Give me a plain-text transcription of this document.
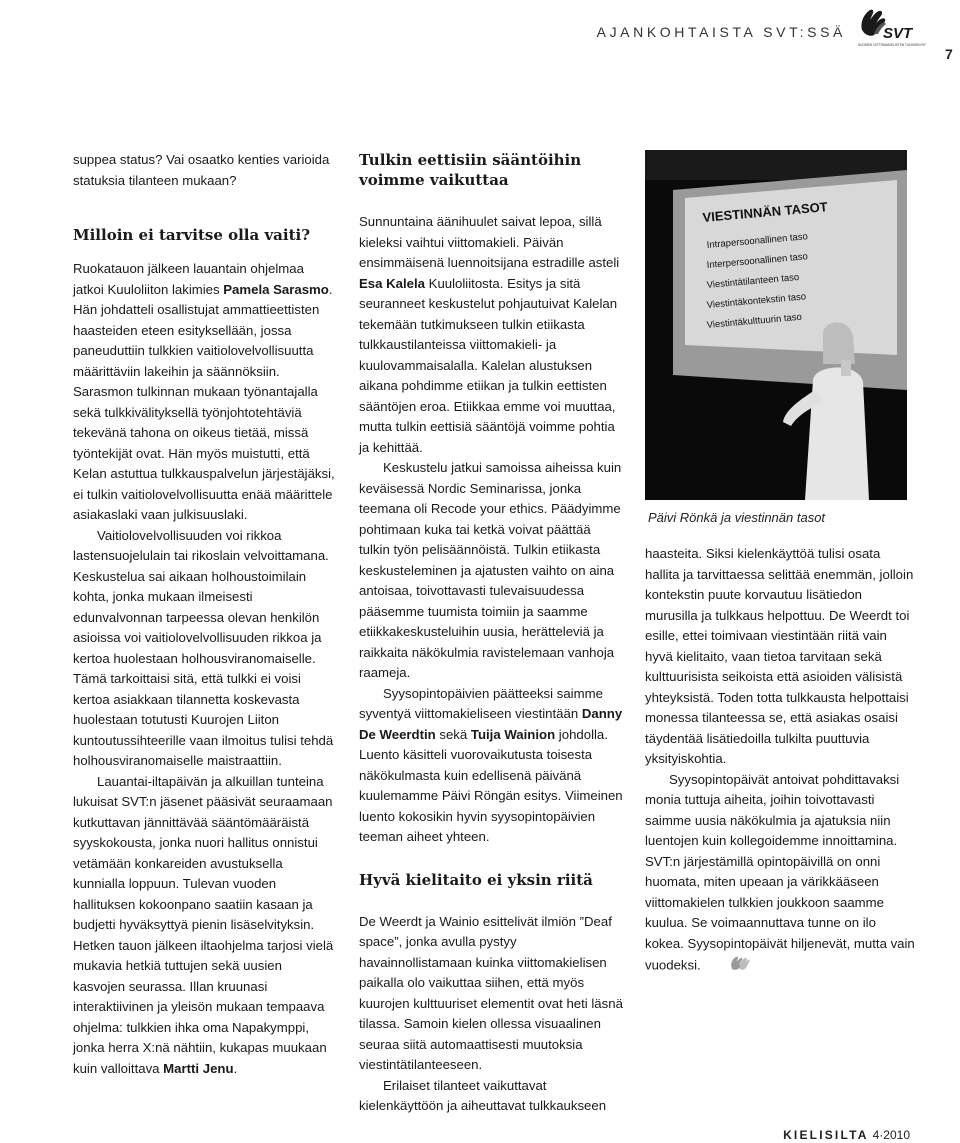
AJANKOHTAISTA SVT:SSÄ SVT
SUOMEN VIITTOMAKIELISTEN TULKKIEN RY
7

suppea status? Vai osaatko kenties varioida

statuksia tilanteen mukaan?

Milloin ei tarvitse olla vaiti?

Ruokatauon jälkeen lauantain ohjelmaa jatkoi Kuuloliiton lakimies Pamela Sarasmo. Hän johdatteli osallistujat ammattieettisten haasteiden eteen esityksellään, jossa paneuduttiin tulkkien vaitiolovelvollisuutta määrittäviin lakeihin ja säännöksiin. Sarasmon tulkinnan mukaan työnantajalla sekä tulkkivälityksellä työnjohtotehtäviä tekevänä tahona on oikeus tietää, missä työntekijät ovat. Hän myös muistutti, että Kelan astuttua tulkkauspalvelun järjestäjäksi, ei tulkin vaitiolovelvollisuutta enää määrittele asiakaslaki vaan julkisuuslaki.

Vaitiolovelvollisuuden voi rikkoa lastensuojelulain tai rikoslain velvoittamana. Keskustelua sai aikaan holhoustoimilain kohta, jonka mukaan ilmeisesti edunvalvonnan tarpeessa olevan henkilön asioissa voi vaitiolovelvollisuuden rikkoa ja kertoa huolestaan holhousviranomaiselle. Tämä tarkoittaisi sitä, että tulkki ei voisi kertoa asiakkaan tilannetta koskevasta huolestaan totutusti Kuurojen Liiton kuntoutussihteerille vaan ilmoitus tulisi tehdä holhousviranomaiselle maistraattiin.

Lauantai-iltapäivän ja alkuillan tunteina lukuisat SVT:n jäsenet pääsivät seuraamaan kutkuttavan jännittävää sääntömääräistä syyskokousta, jonka nuori hallitus onnistui vetämään konkareiden avustuksella kunnialla loppuun. Tulevan vuoden hallituksen kokoonpano saatiin kasaan ja budjetti hyväksyttyä pienin lisäselvityksin. Hetken tauon jälkeen iltaohjelma tarjosi vielä mukavia hetkiä tuttujen sekä uusien kasvojen seurassa. Illan kruunasi interaktiivinen ja yleisön mukaan tempaava ohjelma: tulkkien ihka oma Napakymppi, jonka herra X:nä nähtiin, kukapas muukaan kuin valloittava Martti Jenu.

Tulkin eettisiin sääntöihin voimme vaikuttaa

Sunnuntaina äänihuulet saivat lepoa, sillä kieleksi vaihtui viittomakieli. Päivän ensimmäisenä luennoitsijana estradille asteli Esa Kalela Kuuloliitosta. Esitys ja sitä seuranneet keskustelut pohjautuivat Kalelan tekemään tutkimukseen tulkin etiikasta tulkkaustilanteissa viittomakieli- ja kuulovammaisalalla. Kalelan alustuksen aikana pohdimme etiikan ja tulkin eettisten sääntöjen eroa. Etiikkaa emme voi muuttaa, mutta tulkin eettisiä sääntöjä voimme pohtia ja kehittää.

Keskustelu jatkui samoissa aiheissa kuin keväisessä Nordic Seminarissa, jonka teemana oli Recode your ethics. Päädyimme pohtimaan kuka tai ketkä voivat päättää tulkin työn pelisäännöistä. Tulkin etiikasta keskusteleminen ja ajatusten vaihto on aina antoisaa, toivottavasti tulevaisuudessa pääsemme tuumista toimiin ja saamme etiikkakeskusteluihin uusia, herätteleviä ja raikkaita näkökulmia ravistelemaan vanhoja raameja.

Syysopintopäivien päätteeksi saimme syventyä viittomakieliseen viestintään Danny De Weerdtin sekä Tuija Wainion johdolla. Luento käsitteli vuorovaikutusta toisesta näkökulmasta kuin edellisenä päivänä kuulemamme Päivi Röngän esitys. Viimeinen luento kokosikin hyvin syysopintopäivien teeman aiheet yhteen.

Hyvä kielitaito ei yksin riitä

De Weerdt ja Wainio esittelivät ilmiön ”Deaf space”, jonka avulla pystyy havainnollistamaan kuinka viittomakielisen paikalla olo vaikuttaa siihen, että myös kuurojen kulttuuriset elementit ovat heti läsnä tilassa. Samoin kielen ollessa visuaalinen seuraa siitä automaattisesti muutoksia viestintätilanteeseen.

Erilaiset tilanteet vaikuttavat kielenkäyttöön ja aiheuttavat tulkkaukseen

VIESTINNÄN TASOT
Intrapersoonallinen taso
Interpersoonallinen taso
Viestintätilanteen taso
Viestintäkontekstin taso
Viestintäkulttuurin taso
Päivi Rönkä ja viestinnän tasot

haasteita. Siksi kielenkäyttöä tulisi osata hallita ja tarvittaessa selittää enemmän, jolloin kontekstin puute korvautuu lisätiedon murusilla ja tulkkaus helpottuu. De Weerdt toi esille, ettei toimivaan viestintään riitä vain hyvä kielitaito, vaan tietoa tarvitaan sekä kulttuurisista seikoista että asioiden välisistä yhteyksistä. Toden totta tulkkausta helpottaisi monessa tilanteessa se, että asiakas osaisi täydentää lisätiedoilla tulkilta puuttuvia yksityiskohtia.

Syysopintopäivät antoivat pohdittavaksi monia tuttuja aiheita, joihin toivottavasti saimme uusia näkökulmia ja ajatuksia niin luentojen kuin kollegoidemme innoittamina. SVT:n järjestämillä opintopäivillä on onni huomata, miten upeaan ja värikkääseen viittomakielen tulkkien joukkoon saamme kuulua. Se voimaannuttava tunne on ilo kokea. Syysopintopäivät hiljenevät, mutta vain vuodeksi.

KIELISILTA 4·2010
